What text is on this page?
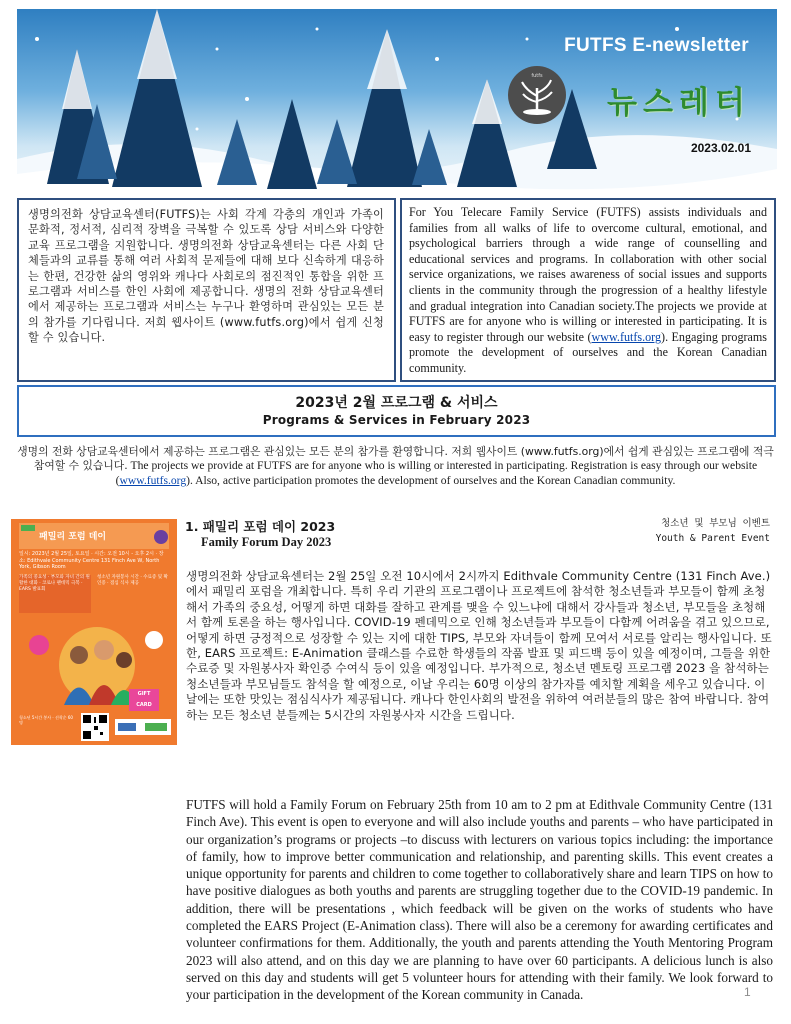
futfs
FUTFS E-newsletter
뉴스레터
2023.02.01
생명의전화 상담교육센터(FUTFS)는 사회 각계 각층의 개인과 가족이 문화적, 정서적, 심리적 장벽을 극복할 수 있도록 상담 서비스와 다양한 교육 프로그램을 지원합니다. 생명의전화 상담교육센터는 다른 사회 단체들과의 교류를 통해 여러 사회적 문제들에 대해 보다 신속하게 대응하는 한편, 건강한 삶의 영위와 캐나다 사회로의 점진적인 통합을 위한 프로그램과 서비스를 한인 사회에 제공합니다. 생명의 전화 상담교육센터에서 제공하는 프로그램과 서비스는 누구나 환영하며 관심있는 모든 분의 참가를 기다립니다. 저희 웹사이트 (www.futfs.org)에서 쉽게 신청할 수 있습니다.
For You Telecare Family Service (FUTFS) assists individuals and families from all walks of life to overcome cultural, emotional, and psychological barriers through a wide range of counselling and educational services and programs. In collaboration with other social service organizations, we raises awareness of social issues and supports clients in the community through the progression of a healthy lifestyle and gradual integration into Canadian society.The projects we provide at FUTFS are for anyone who is willing or interested in participating. It is easy to register through our website (www.futfs.org). Engaging programs promote the development of ourselves and the Korean Canadian community.
2023년 2월 프로그램 & 서비스
Programs & Services in February 2023
생명의 전화 상담교육센터에서 제공하는 프로그램은 관심있는 모든 분의 참가를 환영합니다. 저희 웹사이트 (www.futfs.org)에서 쉽게 관심있는 프로그램에 적극 참여할 수 있습니다. The projects we provide at FUTFS are for anyone who is willing or interested in participating. Registration is easy through our website (www.futfs.org). Also, active participation promotes the development of ourselves and the Korean Canadian community.
패밀리 포럼 데이
일시: 2023년 2월 25일, 토요일 · 시간: 오전 10시 - 오후 2시 · 장소: Edithvale Community Centre 131 Finch Ave W, North York, Gibson Room
가족의 중요성 · 부모와 자녀 간의 원활한 대화 · 코로나 팬데믹 극복 · EARS 발표회
청소년 자원봉사 시간 · 수료증 및 확인증 · 점심 식사 제공
GIFT CARD
청소년 5시간 봉사 · 선착순 60명
1. 패밀리 포럼 데이 2023
Family Forum Day 2023
청소년 및 부모님 이벤트
Youth & Parent Event
생명의전화 상담교육센터는 2월 25일 오전 10시에서 2시까지 Edithvale Community Centre (131 Finch Ave.)에서 패밀리 포럼을 개최합니다. 특히 우리 기관의 프로그램이나 프로젝트에 참석한 청소년들과 부모들이 함께 초청해서 가족의 중요성, 어떻게 하면 대화를 잘하고 관계를 맺을 수 있느냐에 대해서 강사들과 청소년, 부모들을 초청해서 함께 토론을 하는 행사입니다. COVID-19 펜데믹으로 인해 청소년들과 부모들이 다함께 어려움을 겪고 있으므로, 어떻게 하면 긍정적으로 성장할 수 있는 지에 대한 TIPS, 부모와 자녀들이 함께 모여서 서로를 알리는 행사입니다. 또한, EARS 프로젝트: E-Animation 클래스를 수료한 학생들의 작품 발표 및 피드백 등이 있을 예정이며, 그들을 위한 수료증 및 자원봉사자 확인증 수여식 등이 있을 예정입니다. 부가적으로, 청소년 멘토링 프로그램 2023 을 참석하는 청소년들과 부모님들도 참석을 할 예정으로, 이날 우리는 60명 이상의 참가자를 예치할 계획을 세우고 있습니다. 이날에는 또한 맛있는 점심식사가 제공됩니다. 캐나다 한인사회의 발전을 위하여 여러분들의 많은 참여 바랍니다. 참여하는 모든 청소년 분들께는 5시간의 자원봉사자 시간을 드립니다.
FUTFS will hold a Family Forum on February 25th from 10 am to 2 pm at Edithvale Community Centre (131 Finch Ave). This event is open to everyone and will also include youths and parents – who have participated in our organization’s programs or projects –to discuss with lecturers on various topics including: the importance of family, how to improve better communication and relationship, and parenting skills. This event creates a unique opportunity for parents and children to come together to collaboratively share and learn TIPS on how to have positive dialogues as both youths and parents are struggling together due to the COVID-19 pandemic. In addition, there will be presentations , which feedback will be given on the works of students who have completed the EARS Project (E-Animation class). There will also be a ceremony for awarding certificates and volunteer confirmations for them. Additionally, the youth and parents attending the Youth Mentoring Program 2023 will also attend, and on this day we are planning to have over 60 participants. A delicious lunch is also served on this day and students will get 5 volunteer hours for attending with their family. We look forward to your participation in the development of the Korean community in Canada.	1
